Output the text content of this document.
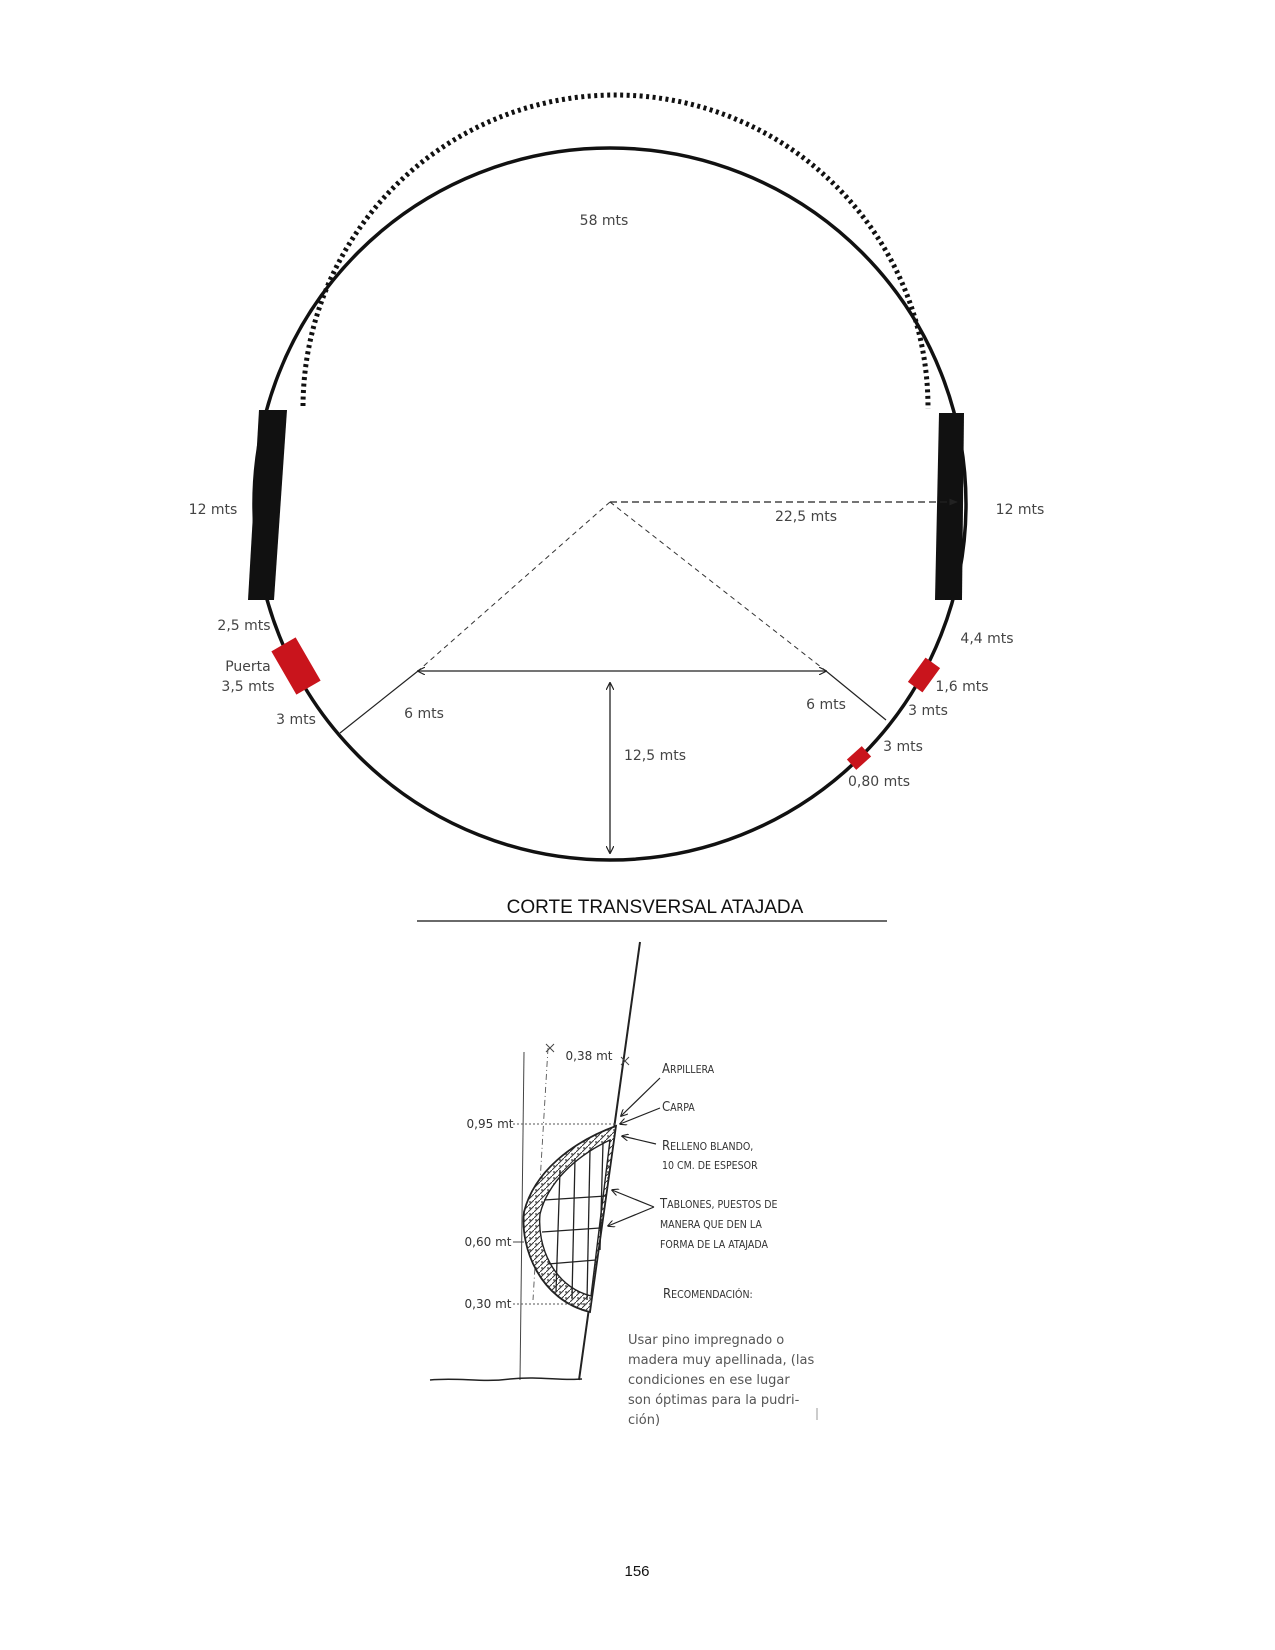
58 mts
12 mts	12 mts
22,5 mts
2,5 mts
Puerta
3,5 mts
3 mts	6 mts
6 mts
12,5 mts
4,4 mts
1,6 mts
3 mts
3 mts
0,80 mts
CORTE TRANSVERSAL ATAJADA
0,38 mt
0,95 mt
0,60 mt
0,30 mt
ARPILLERA
CARPA
RELLENO BLANDO,
10 CM. DE ESPESOR
TABLONES, PUESTOS DE
MANERA QUE DEN LA
FORMA DE LA ATAJADA
RECOMENDACIÓN:
Usar pino impregnado o
madera muy apellinada, (las
condiciones en ese lugar
son óptimas para la pudri-
ción)
156
